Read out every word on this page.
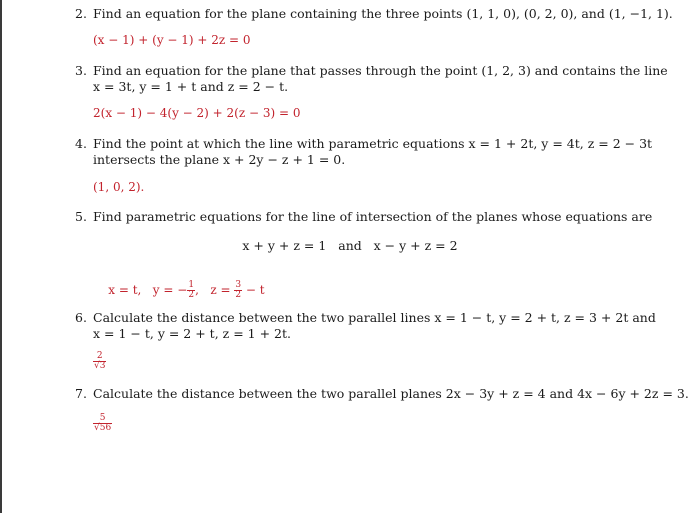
2. Find an equation for the plane containing the three points (1, 1, 0), (0, 2, 0), and (1, −1, 1).
(x − 1) + (y − 1) + 2z = 0
3. Find an equation for the plane that passes through the point (1, 2, 3) and contains the line
x = 3t, y = 1 + t and z = 2 − t.
2(x − 1) − 4(y − 2) + 2(z − 3) = 0
4. Find the point at which the line with parametric equations x = 1 + 2t, y = 4t, z = 2 − 3t
intersects the plane x + 2y − z + 1 = 0.
(1, 0, 2).
5. Find parametric equations for the line of intersection of the planes whose equations are
x + y + z = 1   and   x − y + z = 2

x = t,   y = − $\frac{1}{2}$ ,   $z = \frac{3}{2} - t$

6. Calculate the distance between the two parallel lines x = 1 − t, y = 2 + t, z = 3 + 2t and
x = 1 − t, y = 2 + t, z = 1 + 2t.
$\frac{2}{√3}$
7. Calculate the distance between the two parallel planes 2x − 3y + z = 4 and 4x − 6y + 2z = 3.
$\frac{5}{√56}$
